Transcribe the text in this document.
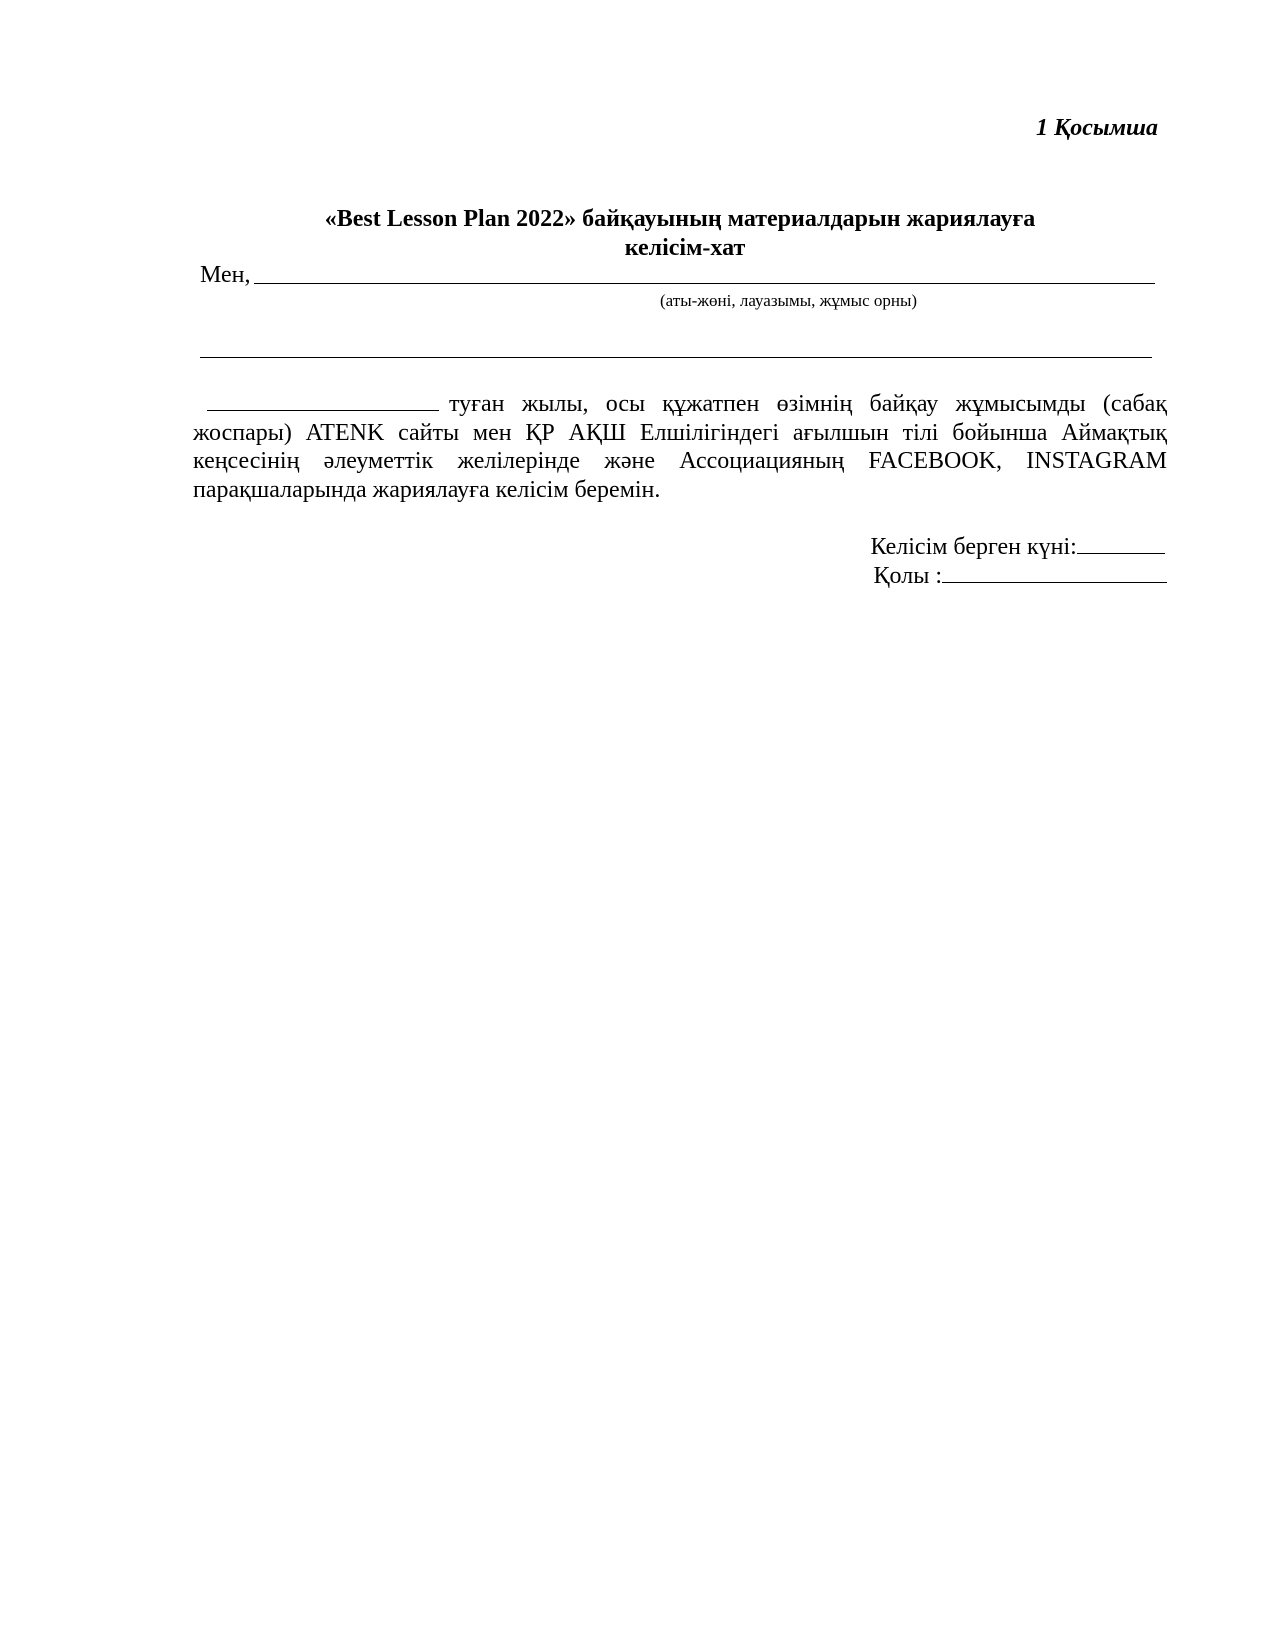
1 Қосымша
«Best Lesson Plan 2022» байқауының материалдарын жариялауға
келісім-хат
Мен,
(аты-жөні, лауазымы, жұмыс орны)
туған жылы, осы құжатпен өзімнің байқау жұмысымды (сабақ жоспары) ATENK сайты мен ҚР АҚШ Елшілігіндегі ағылшын тілі бойынша Аймақтық кеңсесінің әлеуметтік желілерінде және Ассоциацияның FACEBOOK, INSTAGRAM парақшаларында жариялауға келісім беремін.
Келісім берген күні:
Қолы :
